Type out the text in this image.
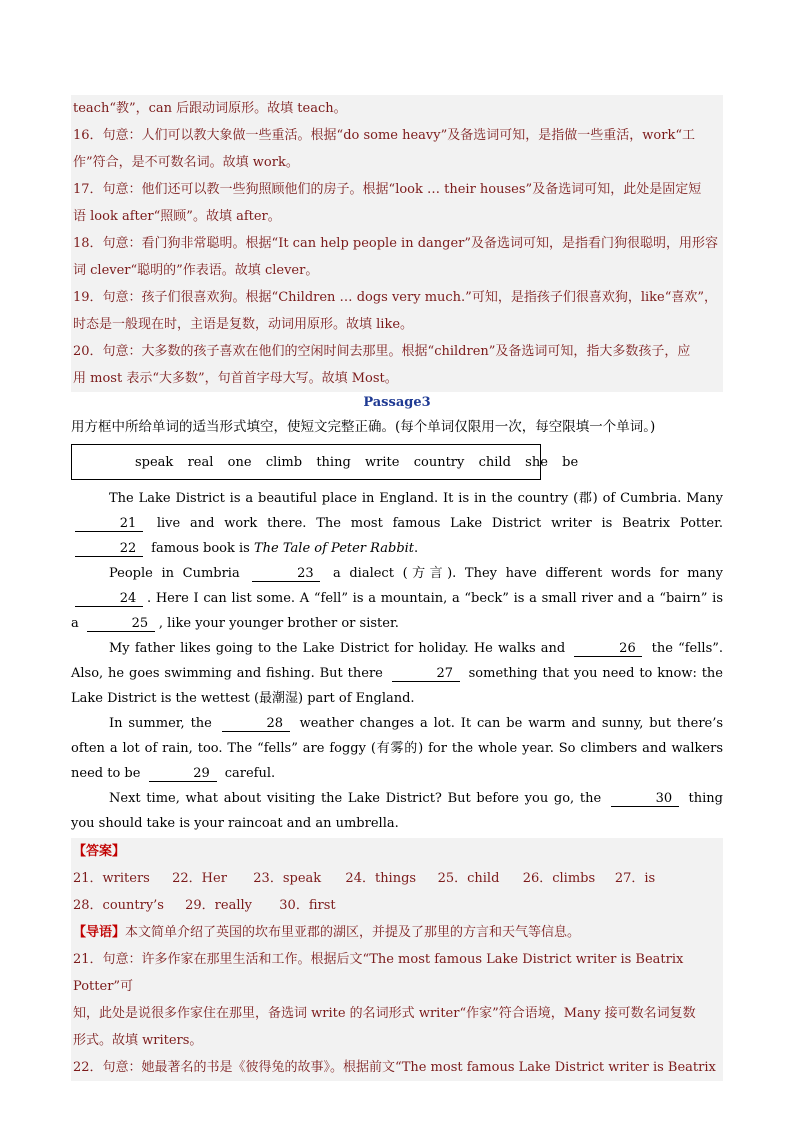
teach“教”，can 后跟动词原形。故填 teach。

16．句意：人们可以教大象做一些重活。根据“do some heavy”及备选词可知，是指做一些重活，work“工

作”符合，是不可数名词。故填 work。

17．句意：他们还可以教一些狗照顾他们的房子。根据“look … their houses”及备选词可知，此处是固定短

语 look after“照顾”。故填 after。

18．句意：看门狗非常聪明。根据“It can help people in danger”及备选词可知，是指看门狗很聪明，用形容

词 clever“聪明的”作表语。故填 clever。

19．句意：孩子们很喜欢狗。根据“Children … dogs very much.”可知，是指孩子们很喜欢狗，like“喜欢”，

时态是一般现在时，主语是复数，动词用原形。故填 like。

20．句意：大多数的孩子喜欢在他们的空闲时间去那里。根据“children”及备选词可知，指大多数孩子，应

用 most 表示“大多数”，句首首字母大写。故填 Most。

Passage3

用方框中所给单词的适当形式填空，使短文完整正确。(每个单词仅限用一次，每空限填一个单词。)

speak  real  one  climb  thing  write  country  child  she  be

The Lake District is a beautiful place in England. It is in the country (郡) of Cumbria. Many 21 live and work there. The most famous Lake District writer is Beatrix Potter. 22 famous book is The Tale of Peter Rabbit.

People in Cumbria	23 a dialect (方言). They have different words for many 24 . Here I can list some. A “fell” is a mountain, a “beck” is a small river and a “bairn” is a	25 , like your younger brother or sister.

My father likes going to the Lake District for holiday. He walks and	26 the “fells”. Also, he goes swimming and fishing. But there	27 something that you need to know: the Lake District is the wettest (最潮湿) part of England.

In summer, the	28 weather changes a lot. It can be warm and sunny, but there’s often a lot of rain, too. The “fells” are foggy (有雾的) for the whole year. So climbers and walkers need to be	29 careful.

Next time, what about visiting the Lake District? But before you go, the	30 thing you should take is your raincoat and an umbrella.

【答案】

21．writers 22．Her 23．speak 24．things 25．child 26．climbs 27．is

28．country’s 29．really 30．first

【导语】本文简单介绍了英国的坎布里亚郡的湖区，并提及了那里的方言和天气等信息。

21．句意：许多作家在那里生活和工作。根据后文“The most famous Lake District writer is Beatrix Potter”可

知，此处是说很多作家住在那里，备选词 write 的名词形式 writer“作家”符合语境，Many 接可数名词复数

形式。故填 writers。

22．句意：她最著名的书是《彼得兔的故事》。根据前文“The most famous Lake District writer is Beatrix
